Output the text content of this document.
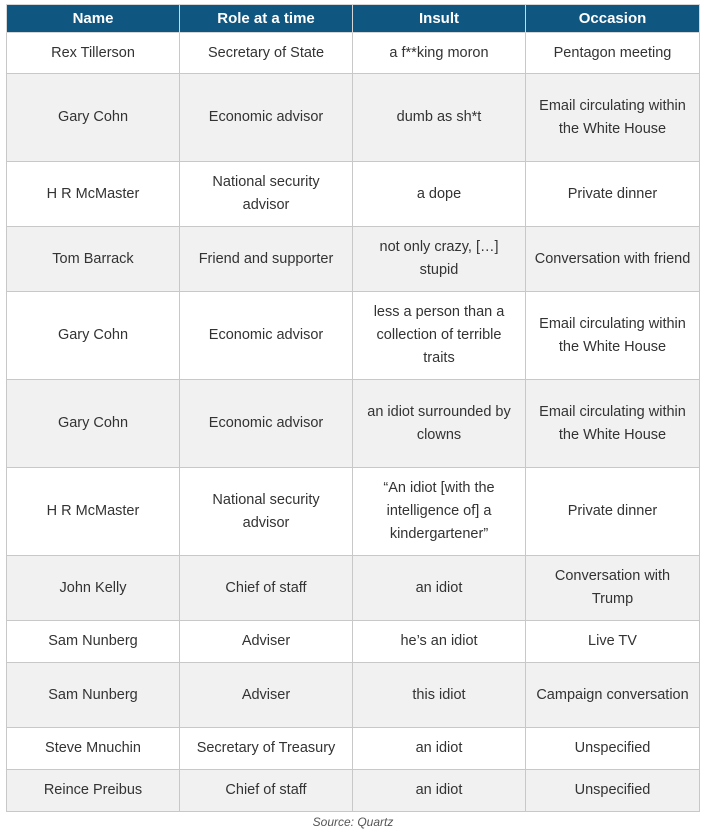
Name	Role at a time	Insult	Occasion
Rex Tillerson	Secretary of State	a f**king moron	Pentagon meeting
Gary Cohn	Economic advisor	dumb as sh*t	Email circulating within the White House
H R McMaster	National security advisor	a dope	Private dinner
Tom Barrack	Friend and supporter	not only crazy, […] stupid	Conversation with friend
Gary Cohn	Economic advisor	less a person than a collection of terrible traits	Email circulating within the White House
Gary Cohn	Economic advisor	an idiot surrounded by clowns	Email circulating within the White House
H R McMaster	National security advisor	“An idiot [with the intelligence of] a kindergartener”	Private dinner
John Kelly	Chief of staff	an idiot	Conversation with Trump
Sam Nunberg	Adviser	he’s an idiot	Live TV
Sam Nunberg	Adviser	this idiot	Campaign conversation
Steve Mnuchin	Secretary of Treasury	an idiot	Unspecified
Reince Preibus	Chief of staff	an idiot	Unspecified
Source: Quartz
